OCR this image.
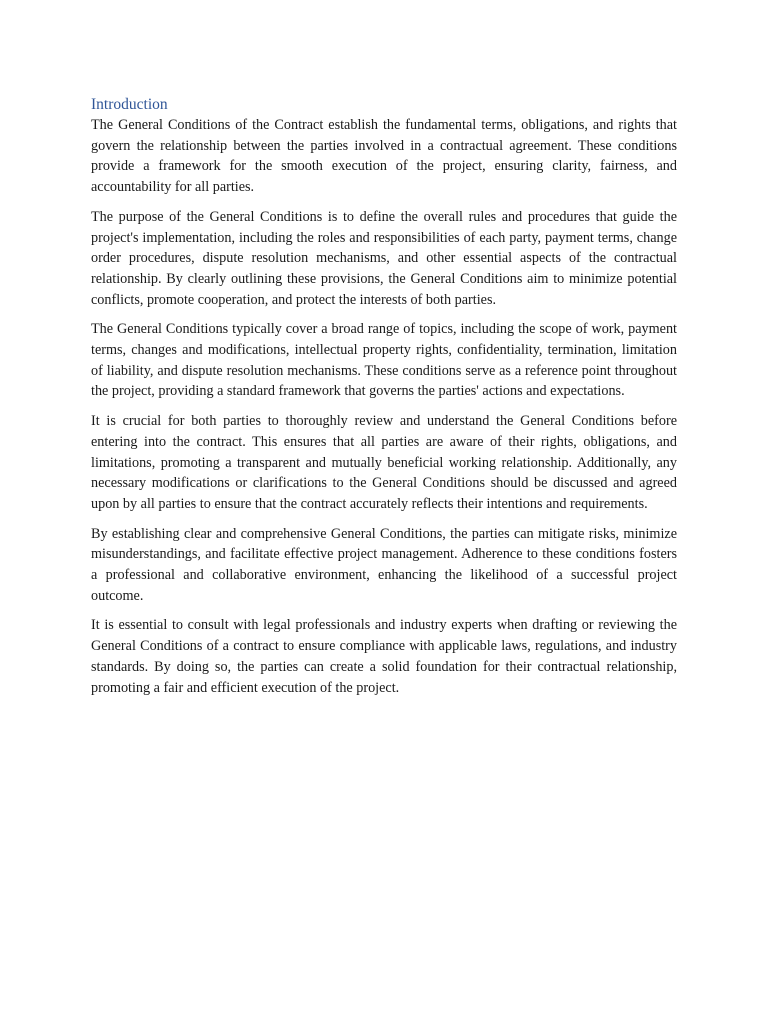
Introduction

The General Conditions of the Contract establish the fundamental terms, obligations, and rights that govern the relationship between the parties involved in a contractual agreement. These conditions provide a framework for the smooth execution of the project, ensuring clarity, fairness, and accountability for all parties.

The purpose of the General Conditions is to define the overall rules and procedures that guide the project's implementation, including the roles and responsibilities of each party, payment terms, change order procedures, dispute resolution mechanisms, and other essential aspects of the contractual relationship. By clearly outlining these provisions, the General Conditions aim to minimize potential conflicts, promote cooperation, and protect the interests of both parties.

The General Conditions typically cover a broad range of topics, including the scope of work, payment terms, changes and modifications, intellectual property rights, confidentiality, termination, limitation of liability, and dispute resolution mechanisms. These conditions serve as a reference point throughout the project, providing a standard framework that governs the parties' actions and expectations.

It is crucial for both parties to thoroughly review and understand the General Conditions before entering into the contract. This ensures that all parties are aware of their rights, obligations, and limitations, promoting a transparent and mutually beneficial working relationship. Additionally, any necessary modifications or clarifications to the General Conditions should be discussed and agreed upon by all parties to ensure that the contract accurately reflects their intentions and requirements.

By establishing clear and comprehensive General Conditions, the parties can mitigate risks, minimize misunderstandings, and facilitate effective project management. Adherence to these conditions fosters a professional and collaborative environment, enhancing the likelihood of a successful project outcome.

It is essential to consult with legal professionals and industry experts when drafting or reviewing the General Conditions of a contract to ensure compliance with applicable laws, regulations, and industry standards. By doing so, the parties can create a solid foundation for their contractual relationship, promoting a fair and efficient execution of the project.
